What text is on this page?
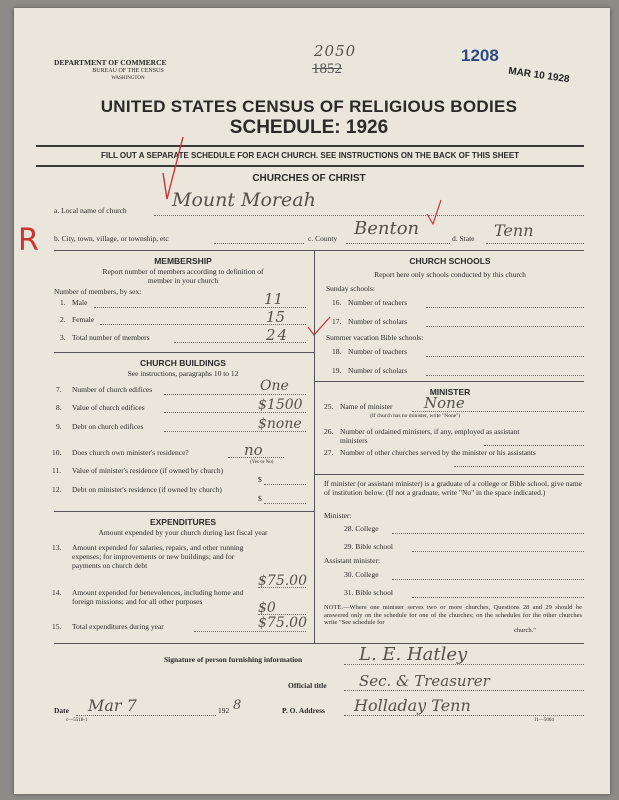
DEPARTMENT OF COMMERCE
BUREAU OF THE CENSUS
WASHINGTON
2050
1852
1208
MAR 10 1928
UNITED STATES CENSUS OF RELIGIOUS BODIES
SCHEDULE: 1926
FILL OUT A SEPARATE SCHEDULE FOR EACH CHURCH. SEE INSTRUCTIONS ON THE BACK OF THIS SHEET
CHURCHES OF CHRIST
R
a. Local name of church Mount Moreah
b. City, town, village, or township, etc	c. County Benton	d. State Tenn
MEMBERSHIP
Report number of members according to definition of
member in your church
Number of members, by sex:
1. Male	11
2. Female	15
3. Total number of members	24
CHURCH BUILDINGS
See instructions, paragraphs 10 to 12
7. Number of church edifices	One
8. Value of church edifices	$1500
9. Debt on church edifices	$none
10. Does church own minister's residence?	no
(Yes or No)
11. Value of minister's residence (if owned by church)
$
12. Debt on minister's residence (if owned by church)
$
EXPENDITURES
Amount expended by your church during last fiscal year
13. Amount expended for salaries, repairs, and other running expenses; for improvements or new buildings; and for payments on church debt
$75.00
14. Amount expended for benevolences, including home and foreign missions; and for all other purposes	$0
15. Total expenditures during year	$75.00
CHURCH SCHOOLS
Report here only schools conducted by this church
Sunday schools:
16. Number of teachers
17. Number of scholars
Summer vacation Bible schools:
18. Number of teachers
19. Number of scholars
MINISTER
25. Name of minister None
(If church has no minister, write "None")
26. Number of ordained ministers, if any, employed as assistant ministers
27. Number of other churches served by the minister or his assistants
If minister (or assistant minister) is a graduate of a college or Bible school, give name of institution below. (If not a graduate, write "No" in the space indicated.)
Minister:
28. College
29. Bible school
Assistant minister:
30. College
31. Bible school
NOTE.—Where one minister serves two or more churches, Questions 28 and 29 should be answered only on the schedule for one of the churches; on the schedules for the other churches write "See schedule for
church."
Signature of person furnishing information	L. E. Hatley
Official title Sec. & Treasurer
Date Mar 7	192 8
c—5518-1
P. O. Address Holladay Tenn
11—5004
